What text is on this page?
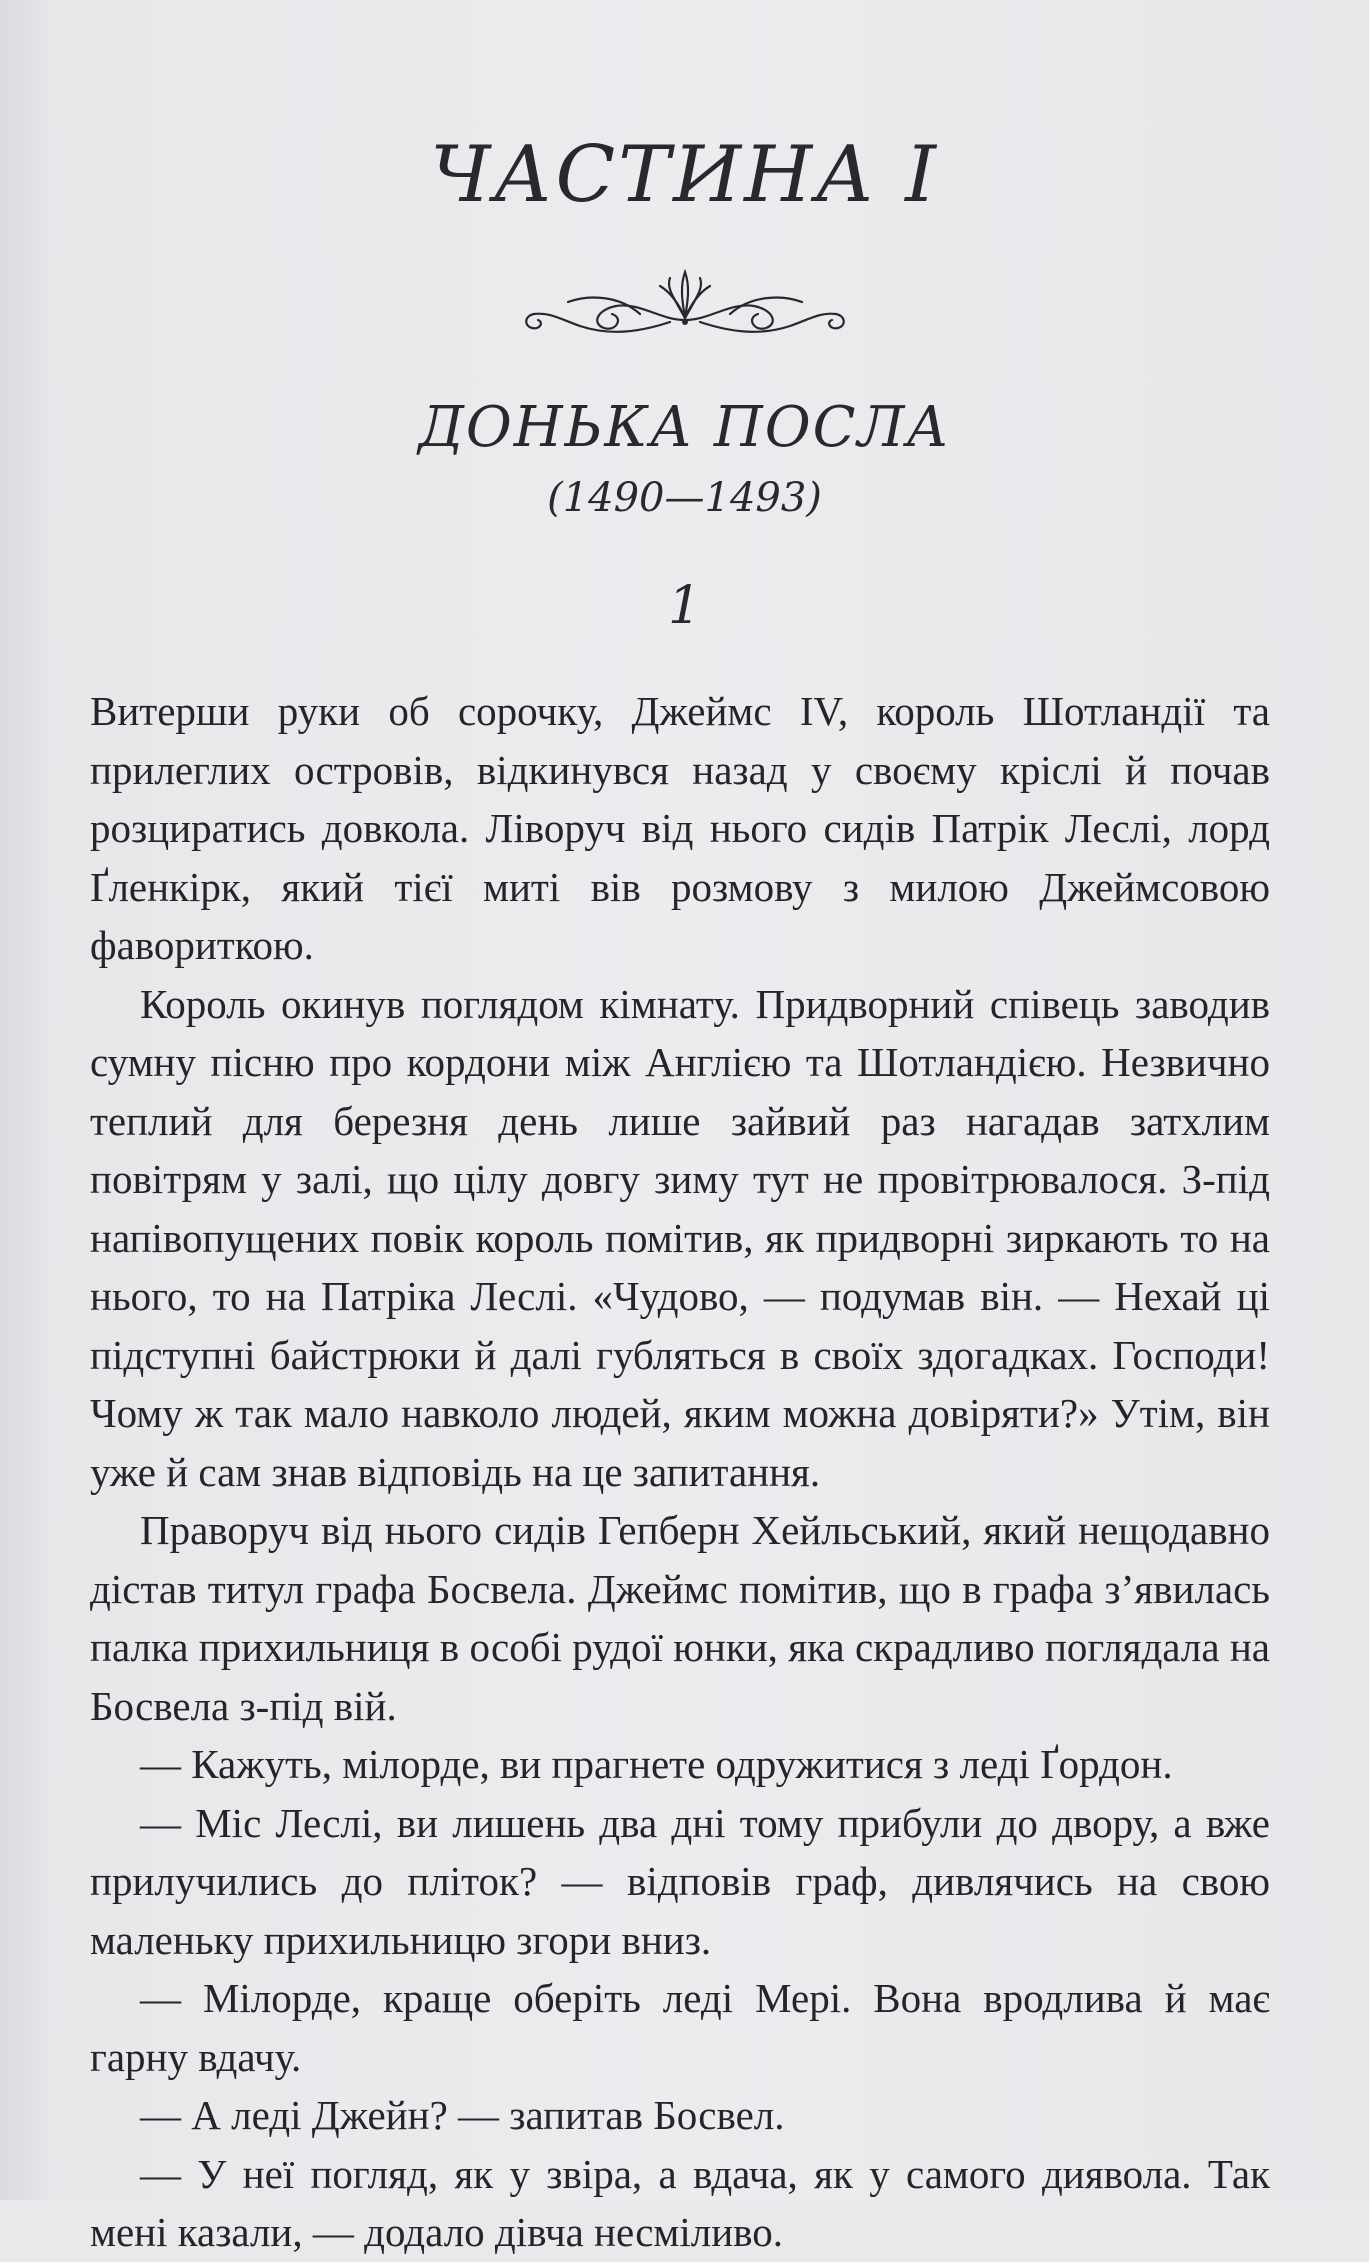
ЧАСТИНА I
ДОНЬКА ПОСЛА
(1490—1493)
1

Витерши руки об сорочку, Джеймс IV, король Шотландії та прилеглих островів, відкинувся назад у своєму кріслі й почав розциратись довкола. Ліворуч від нього сидів Патрік Леслі, лорд Ґленкірк, який тієї миті вів розмову з милою Джеймсовою фавориткою.

Король окинув поглядом кімнату. Придворний співець заводив сумну пісню про кордони між Англією та Шотландією. Незвично теплий для березня день лише зайвий раз нагадав затхлим повітрям у залі, що цілу довгу зиму тут не провітрювалося. З-під напівопущених повік король помітив, як придворні зиркають то на нього, то на Патріка Леслі. «Чудово, — подумав він. — Нехай ці підступні байстрюки й далі губляться в своїх здогадках. Господи! Чому ж так мало навколо людей, яким можна довіряти?» Утім, він уже й сам знав відповідь на це запитання.

Праворуч від нього сидів Гепберн Хейльський, який нещодавно дістав титул графа Босвела. Джеймс помітив, що в графа з’явилась палка прихильниця в особі рудої юнки, яка скрадливо поглядала на Босвела з-під вій.

— Кажуть, мілорде, ви прагнете одружитися з леді Ґордон.

— Міс Леслі, ви лишень два дні тому прибули до двору, а вже прилучились до пліток? — відповів граф, дивлячись на свою маленьку прихильницю згори вниз.

— Мілорде, краще оберіть леді Мері. Вона вродлива й має гарну вдачу.

— А леді Джейн? — запитав Босвел.

— У неї погляд, як у звіра, а вдача, як у самого диявола. Так мені казали, — додало дівча несміливо.
